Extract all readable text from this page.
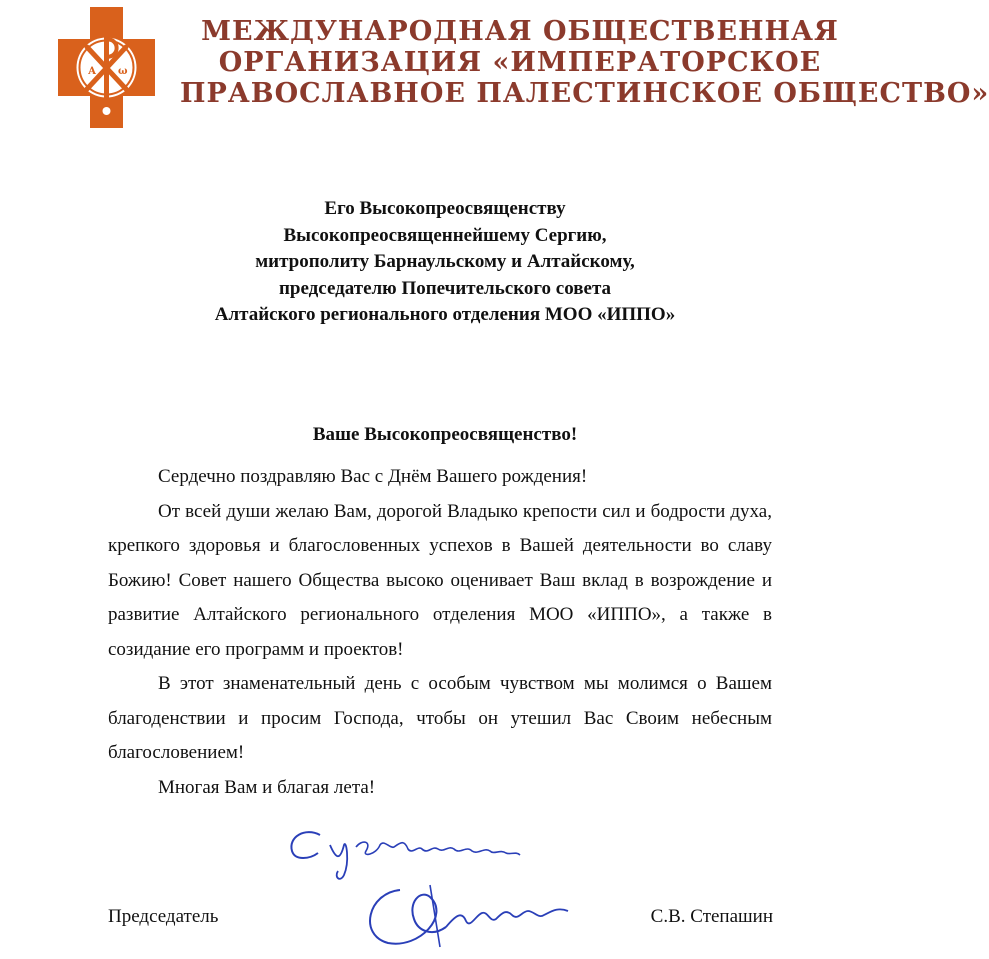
А ω
МЕЖДУНАРОДНАЯ ОБЩЕСТВЕННАЯ
ОРГАНИЗАЦИЯ «ИМПЕРАТОРСКОЕ
ПРАВОСЛАВНОЕ ПАЛЕСТИНСКОЕ ОБЩЕСТВО»
Его Высокопреосвященству
Высокопреосвященнейшему Сергию,
митрополиту Барнаульскому и Алтайскому,
председателю Попечительского совета
Алтайского регионального отделения МОО «ИППО»
Ваше Высокопреосвященство!

Сердечно поздравляю Вас с Днём Вашего рождения!

От всей души желаю Вам, дорогой Владыко крепости сил и бодрости духа, крепкого здоровья и благословенных успехов в Вашей деятельности во славу Божию! Совет нашего Общества высоко оценивает Ваш вклад в возрождение и развитие Алтайского регионального отделения МОО «ИППО», а также в созидание его программ и проектов!

В этот знаменательный день с особым чувством мы молимся о Вашем благоденствии и просим Господа, чтобы он утешил Вас Своим небесным благословением!

Многая Вам и благая лета!

Председатель	С.В. Степашин
